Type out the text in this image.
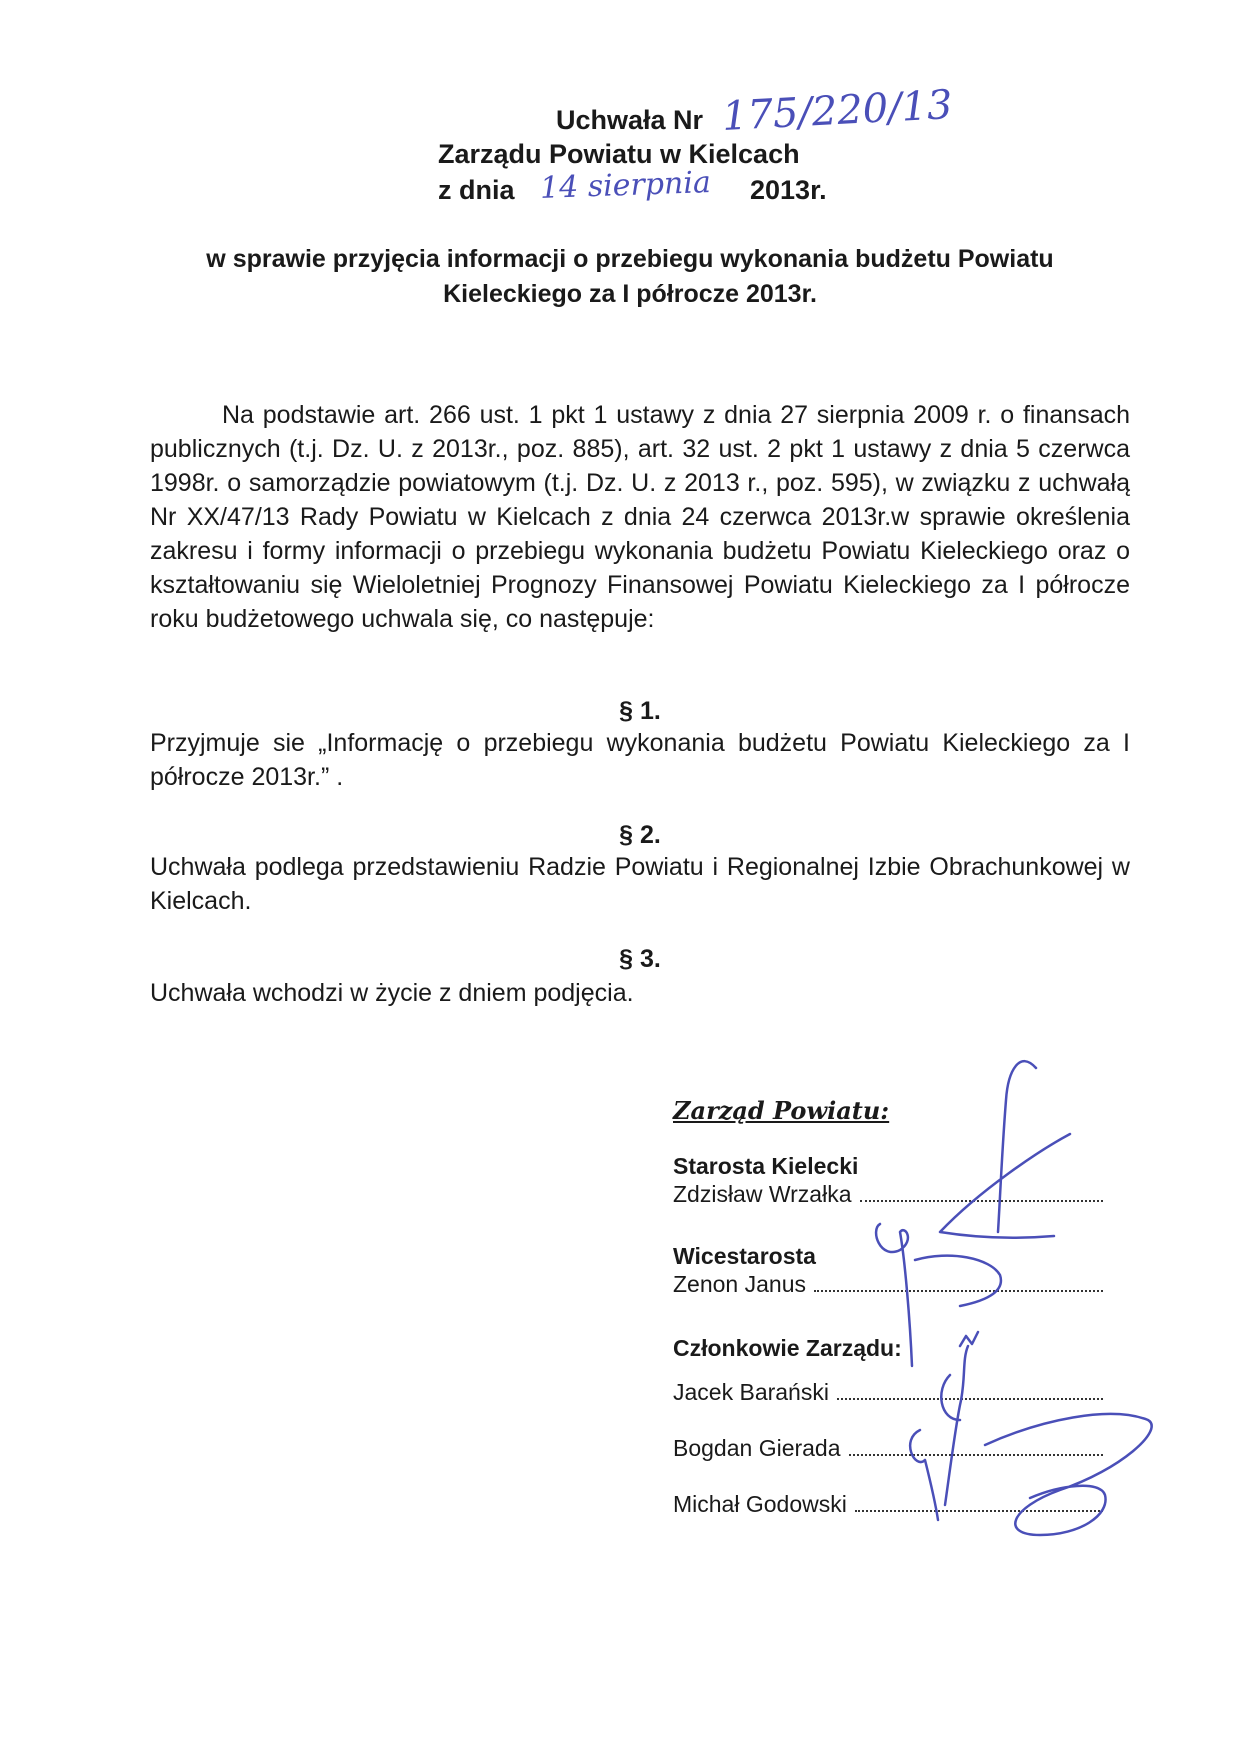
Uchwała Nr 175/220/13
Zarządu Powiatu w Kielcach
z dnia 14 sierpnia 2013r.
w sprawie przyjęcia informacji o przebiegu wykonania budżetu Powiatu Kieleckiego za I półrocze 2013r.
Na podstawie art. 266 ust. 1 pkt 1 ustawy z dnia 27 sierpnia 2009 r. o finansach publicznych (t.j. Dz. U. z 2013r., poz. 885), art. 32 ust. 2 pkt 1 ustawy z dnia 5 czerwca 1998r. o samorządzie powiatowym (t.j. Dz. U. z 2013 r., poz. 595), w związku z uchwałą Nr XX/47/13 Rady Powiatu w Kielcach z dnia 24 czerwca 2013r.w sprawie określenia zakresu i formy informacji o przebiegu wykonania budżetu Powiatu Kieleckiego oraz o kształtowaniu się Wieloletniej Prognozy Finansowej Powiatu Kieleckiego za I półrocze roku budżetowego uchwala się, co następuje:
§ 1.
Przyjmuje sie „Informację o przebiegu wykonania budżetu Powiatu Kieleckiego za I półrocze 2013r.” .
§ 2.
Uchwała podlega przedstawieniu Radzie Powiatu i Regionalnej Izbie Obrachunkowej w Kielcach.
§ 3.
Uchwała wchodzi w życie z dniem podjęcia.
Zarząd Powiatu:
Starosta Kielecki
Zdzisław Wrzałka
Wicestarosta
Zenon Janus
Członkowie Zarządu:
Jacek Barański
Bogdan Gierada
Michał Godowski
